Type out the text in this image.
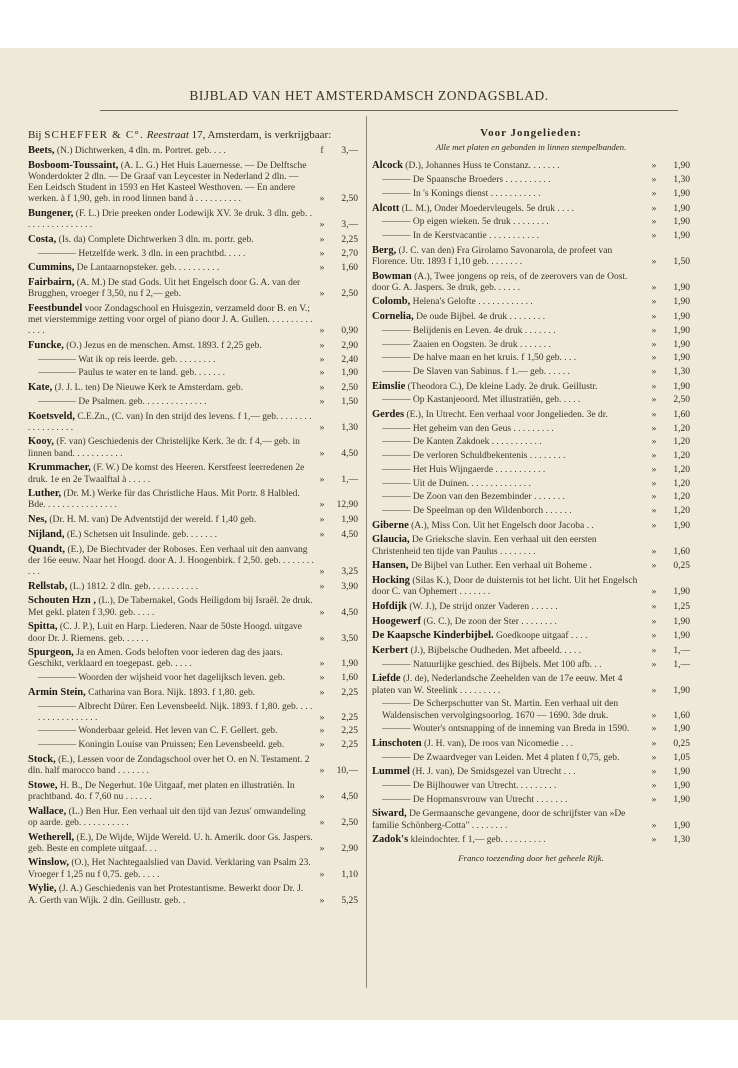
BIJBLAD VAN HET AMSTERDAMSCH ZONDAGSBLAD.
Bij SCHEFFER & C°. Reestraat 17, Amsterdam, is verkrijgbaar:
Beets, (N.) Dichtwerken, 4 dln. m. Portret. geb. . . .	f	3,—
Bosboom-Toussaint, (A. L. G.) Het Huis Lauernesse. — De Delftsche Wonderdokter 2 dln. — De Graaf van Leycester in Nederland 2 dln. — Een Leidsch Student in 1593 en Het Kasteel Westhoven. — En andere werken. à f 1,90, geb. in rood linnen band à . . . . . . . . . .	»	2,50
Bungener, (F. L.) Drie preeken onder Lodewijk XV. 3e druk. 3 dln. geb. . . . . . . . . . . . . . . .	»	3,—
Costa, (Is. da) Complete Dichtwerken 3 dln. m. portr. geb.	»	2,25
———— Hetzelfde werk. 3 dln. in een prachtbd. . . . .	»	2,70
Cummins, De Lantaarnopsteker. geb. . . . . . . . . .	»	1,60
Fairbairn, (A. M.) De stad Gods. Uit het Engelsch door G. A. van der Brugghen, vroeger f 3,50, nu f 2,— geb.	»	2,50
Feestbundel voor Zondagschool en Huisgezin, verzameld door B. en V.; met vierstemmige zetting voor orgel of piano door J. A. Gullen. . . . . . . . . . . . . .	»	0,90
Funcke, (O.) Jezus en de menschen. Amst. 1893. f 2,25 geb.	»	2,90
———— Wat ik op reis leerde. geb. . . . . . . . .	»	2,40
———— Paulus te water en te land. geb. . . . . . .	»	1,90
Kate, (J. J. L. ten) De Nieuwe Kerk te Amsterdam. geb.	»	2,50
———— De Psalmen. geb. . . . . . . . . . . . . .	»	1,50
Koetsveld, C.E.Zn., (C. van) In den strijd des levens. f 1,— geb. . . . . . . . . . . . . . . . . .	»	1,30
Kooy, (F. van) Geschiedenis der Christelijke Kerk. 3e dr. f 4,— geb. in linnen band. . . . . . . . . . .	»	4,50
Krummacher, (F. W.) De komst des Heeren. Kerstfeest leerredenen 2e druk. 1e en 2e Twaalftal à . . . . .	»	1,—
Luther, (Dr. M.) Werke für das Christliche Haus. Mit Portr. 8 Halbled. Bde. . . . . . . . . . . . . . . .	»	12,90
Nes, (Dr. H. M. van) De Adventstijd der wereld. f 1,40 geb.	»	1,90
Nijland, (E.) Schetsen uit Insulinde. geb. . . . . . .	»	4,50
Quandt, (E.), De Biechtvader der Roboses. Een verhaal uit den aanvang der 16e eeuw. Naar het Hoogd. door A. J. Hoogenbirk. f 2,50. geb. . . . . . . . . . .	»	3,25
Rellstab, (L.) 1812. 2 dln. geb. . . . . . . . . . .	»	3,90
Schouten Hzn , (L.), De Tabernakel, Gods Heiligdom bij Israël. 2e druk. Met gekl. platen f 3,90. geb. . . . .	»	4,50
Spitta, (C. J. P.), Luit en Harp. Liederen. Naar de 50ste Hoogd. uitgave door Dr. J. Riemens. geb. . . . . .	»	3,50
Spurgeon, Ja en Amen. Gods beloften voor iederen dag des jaars. Geschikt, verklaard en toegepast. geb. . . . .	»	1,90
———— Woorden der wijsheid voor het dagelijksch leven. geb.	»	1,60
Armin Stein, Catharina van Bora. Nijk. 1893. f 1,80. geb.	»	2,25
———— Albrecht Dürer. Een Levensbeeld. Nijk. 1893. f 1,80. geb. . . . . . . . . . . . . . . . .	»	2,25
———— Wonderbaar geleid. Het leven van C. F. Gellert. geb.	»	2,25
———— Koningin Louise van Pruissen; Een Levensbeeld. geb.	»	2,25
Stock, (E.), Lessen voor de Zondagschool over het O. en N. Testament. 2 dln. half marocco band . . . . . . .	»	10,—
Stowe, H. B., De Negerhut. 10e Uitgaaf, met platen en illustratiën. In prachtband. 4o. f 7,60 nu . . . . . .	»	4,50
Wallace, (L.) Ben Hur. Een verhaal uit den tijd van Jezus' omwandeling op aarde. geb. . . . . . . . . . .	»	2,50
Wetherell, (E.), De Wijde, Wijde Wereld. U. h. Amerik. door Gs. Jaspers. geb. Beste en complete uitgaaf. . .	»	2,90
Winslow, (O.), Het Nachtegaalslied van David. Verklaring van Psalm 23. Vroeger f 1,25 nu f 0,75. geb. . . . .	»	1,10
Wylie, (J. A.) Geschiedenis van het Protestantisme. Bewerkt door Dr. J. A. Gerth van Wijk. 2 dln. Geillustr. geb. .	»	5,25
Voor Jongelieden:
Alle met platen en gebonden in linnen stempelbanden.
Alcock (D.), Johannes Huss te Constanz. . . . . . .	»	1,90
——— De Spaansche Broeders . . . . . . . . . .	»	1,30
——— In 's Konings dienst . . . . . . . . . . .	»	1,90
Alcott (L. M.), Onder Moedervleugels. 5e druk . . . .	»	1,90
——— Op eigen wieken. 5e druk . . . . . . . .	»	1,90
——— In de Kerstvacantie . . . . . . . . . . .	»	1,90
Berg, (J. C. van den) Fra Girolamo Savonarola, de profeet van Florence. Utr. 1893 f 1,10 geb. . . . . . . .	»	1,50
Bowman (A.), Twee jongens op reis, of de zeerovers van de Oost. door G. A. Jaspers. 3e druk, geb. . . . . .	»	1,90
Colomb, Helena's Gelofte . . . . . . . . . . . .	»	1,90
Cornelia, De oude Bijbel. 4e druk . . . . . . . .	»	1,90
——— Belijdenis en Leven. 4e druk . . . . . . .	»	1,90
——— Zaaien en Oogsten. 3e druk . . . . . . .	»	1,90
——— De halve maan en het kruis. f 1,50 geb. . . .	»	1,90
——— De Slaven van Sabinus. f 1.— geb. . . . . .	»	1,30
Eimslie (Theodora C.), De kleine Lady. 2e druk. Geillustr.	»	1,90
——— Op Kastanjeoord. Met illustratiën, geb. . . . .	»	2,50
Gerdes (E.), In Utrecht. Een verhaal voor Jongelieden. 3e dr.	»	1,60
——— Het geheim van den Geus . . . . . . . . .	»	1,20
——— De Kanten Zakdoek . . . . . . . . . . .	»	1,20
——— De verloren Schuldbekentenis . . . . . . . .	»	1,20
——— Het Huis Wijngaerde . . . . . . . . . . .	»	1,20
——— Uit de Duinen. . . . . . . . . . . . . .	»	1,20
——— De Zoon van den Bezembinder . . . . . . .	»	1,20
——— De Speelman op den Wildenborch . . . . . .	»	1,20
Giberne (A.), Miss Con. Uit het Engelsch door Jacoba . .	»	1,90
Glaucia, De Grieksche slavin. Een verhaal uit den eersten Christenheid ten tijde van Paulus . . . . . . . .	»	1,60
Hansen, De Bijbel van Luther. Een verhaal uit Boheme .	»	0,25
Hocking (Silas K.), Door de duisternis tot het licht. Uit het Engelsch door C. van Ophemert . . . . . . .	»	1,90
Hofdijk (W. J.), De strijd onzer Vaderen . . . . . .	»	1,25
Hoogewerf (G. C.), De zoon der Ster . . . . . . . .	»	1,90
De Kaapsche Kinderbijbel. Goedkoope uitgaaf . . . .	»	1,90
Kerbert (J.), Bijbelsche Oudheden. Met afbeeld. . . . .	»	1,—
——— Natuurlijke geschied. des Bijbels. Met 100 afb. . .	»	1,—
Liefde (J. de), Nederlandsche Zeehelden van de 17e eeuw. Met 4 platen van W. Steelink . . . . . . . . .	»	1,90
——— De Scherpschutter van St. Martin. Een verhaal uit den Waldensischen vervolgingsoorlog. 1670 — 1690. 3de druk.	»	1,60
——— Wouter's ontsnapping of de inneming van Breda in 1590.	»	1,90
Linschoten (J. H. van), De roos van Nicomedie . . .	»	0,25
——— De Zwaardveger van Leiden. Met 4 platen f 0,75, geb.	»	1,05
Lummel (H. J. van), De Smidsgezel van Utrecht . . .	»	1,90
——— De Bijlhouwer van Utrecht. . . . . . . . .	»	1,90
——— De Hopmansvrouw van Utrecht . . . . . . .	»	1,90
Siward, De Germaansche gevangene, door de schrijfster van »De familie Schönberg-Cotta" . . . . . . . .	»	1,90
Zadok's kleindochter. f 1,— geb. . . . . . . . . .	»	1,30
Franco toezending door het geheele Rijk.
